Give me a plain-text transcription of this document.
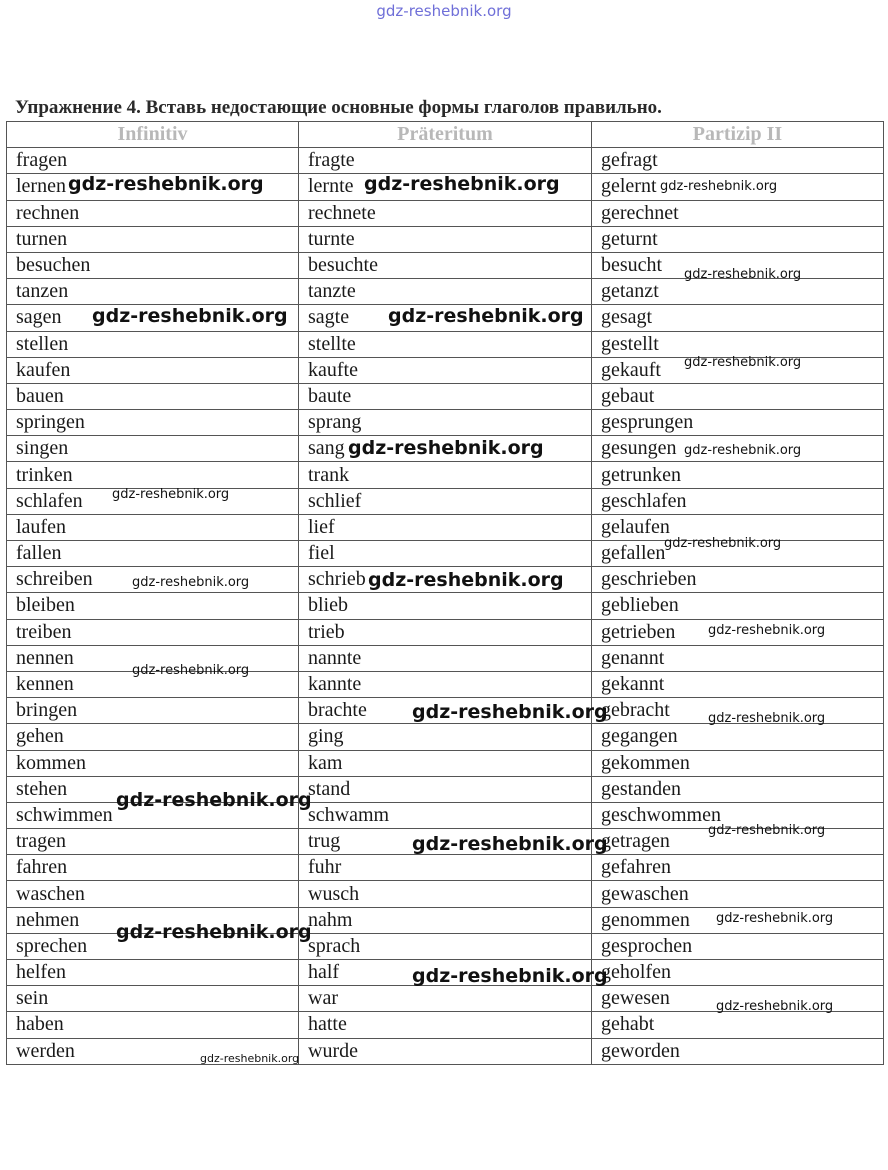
gdz-reshebnik.org
Упражнение 4. Вставь недостающие основные формы глаголов правильно.
Infinitiv	Präteritum	Partizip II
fragen	fragte	gefragt
lernen	lernte	gelernt
rechnen	rechnete	gerechnet
turnen	turnte	geturnt
besuchen	besuchte	besucht
tanzen	tanzte	getanzt
sagen	sagte	gesagt
stellen	stellte	gestellt
kaufen	kaufte	gekauft
bauen	baute	gebaut
springen	sprang	gesprungen
singen	sang	gesungen
trinken	trank	getrunken
schlafen	schlief	geschlafen
laufen	lief	gelaufen
fallen	fiel	gefallen
schreiben	schrieb	geschrieben
bleiben	blieb	geblieben
treiben	trieb	getrieben
nennen	nannte	genannt
kennen	kannte	gekannt
bringen	brachte	gebracht
gehen	ging	gegangen
kommen	kam	gekommen
stehen	stand	gestanden
schwimmen	schwamm	geschwommen
tragen	trug	getragen
fahren	fuhr	gefahren
waschen	wusch	gewaschen
nehmen	nahm	genommen
sprechen	sprach	gesprochen
helfen	half	geholfen
sein	war	gewesen
haben	hatte	gehabt
werden	wurde	geworden
gdz-reshebnik.org	gdz-reshebnik.org	gdz-reshebnik.org
gdz-reshebnik.org
gdz-reshebnik.org	gdz-reshebnik.org
gdz-reshebnik.org
gdz-reshebnik.org	gdz-reshebnik.org
gdz-reshebnik.org
gdz-reshebnik.org
gdz-reshebnik.org
gdz-reshebnik.org
gdz-reshebnik.org
gdz-reshebnik.org
gdz-reshebnik.org	gdz-reshebnik.org
gdz-reshebnik.org
gdz-reshebnik.org
gdz-reshebnik.org
gdz-reshebnik.org
gdz-reshebnik.org
gdz-reshebnik.org
gdz-reshebnik.org
gdz-reshebnik.org
